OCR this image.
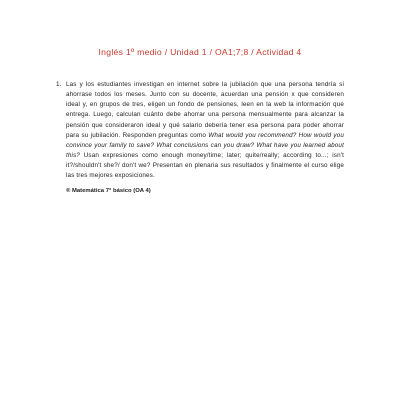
Inglés 1º medio / Unidad 1 / OA1;7;8 / Actividad 4
1. Las y los estudiantes investigan en internet sobre la jubilación que una persona tendría si ahorrase todos los meses. Junto con su docente, acuerdan una pensión x que consideren ideal y, en grupos de tres, eligen un fondo de pensiones, leen en la web la información que entrega. Luego, calculan cuánto debe ahorrar una persona mensualmente para alcanzar la pensión que consideraron ideal y qué salario debería tener esa persona para poder ahorrar para su jubilación. Responden preguntas como What would you recommend? How would you convince your family to save? What conclusions can you draw? What have you learned about this? Usan expresiones como enough money/time; later; quite/really; according to...; isn't it?/shouldn't she?/ don't we? Presentan en plenaria sus resultados y finalmente el curso elige las tres mejores exposiciones.
® Matemática 7° básico (OA 4)
